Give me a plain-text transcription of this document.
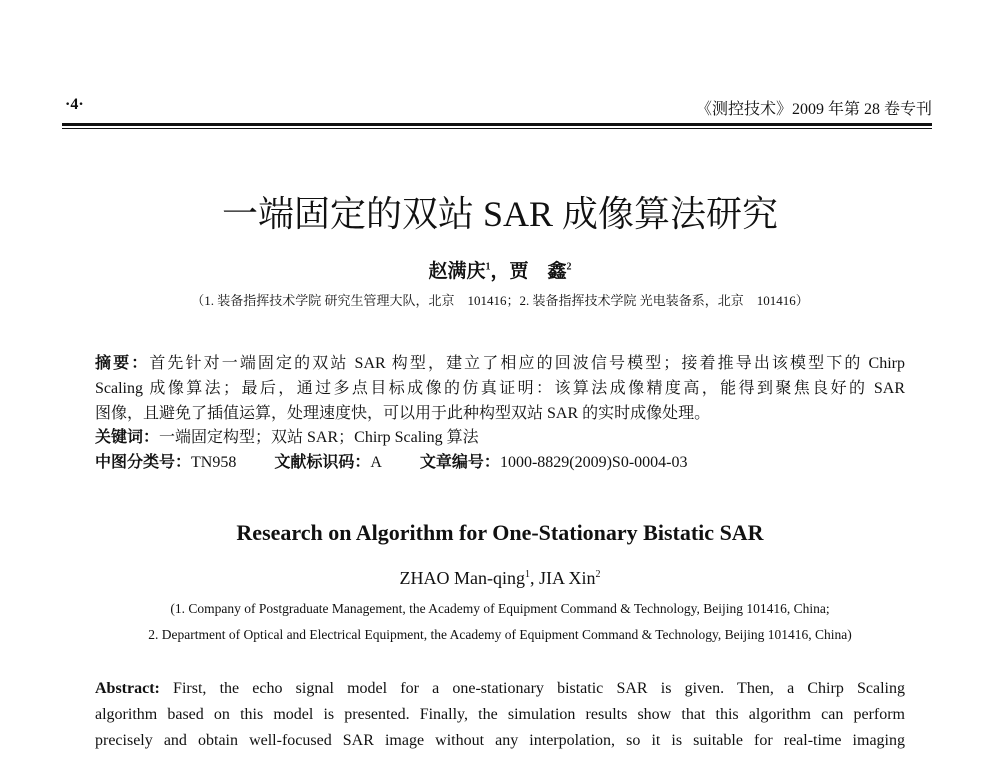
·4·	《测控技术》2009 年第 28 卷专刊
一端固定的双站 SAR 成像算法研究
赵满庆$^1$，贾　鑫$^2$
（1. 装备指挥技术学院 研究生管理大队，北京　101416；2. 装备指挥技术学院 光电装备系，北京　101416）
摘要：首先针对一端固定的双站 SAR 构型，建立了相应的回波信号模型；接着推导出该模型下的 Chirp
Scaling 成像算法；最后，通过多点目标成像的仿真证明：该算法成像精度高，能得到聚焦良好的 SAR
图像，且避免了插值运算，处理速度快，可以用于此种构型双站 SAR 的实时成像处理。
关键词：一端固定构型；双站 SAR；Chirp Scaling 算法
中图分类号：TN958 文献标识码：A 文章编号：1000-8829(2009)S0-0004-03
Research on Algorithm for One-Stationary Bistatic SAR
ZHAO Man-qing$^1$, JIA Xin$^2$
(1. Company of Postgraduate Management, the Academy of Equipment Command & Technology, Beijing 101416, China;
2. Department of Optical and Electrical Equipment, the Academy of Equipment Command & Technology, Beijing 101416, China)
Abstract: First, the echo signal model for a one-stationary bistatic SAR is given. Then, a Chirp Scaling
algorithm based on this model is presented. Finally, the simulation results show that this algorithm can perform
precisely and obtain well-focused SAR image without any interpolation, so it is suitable for real-time imaging
